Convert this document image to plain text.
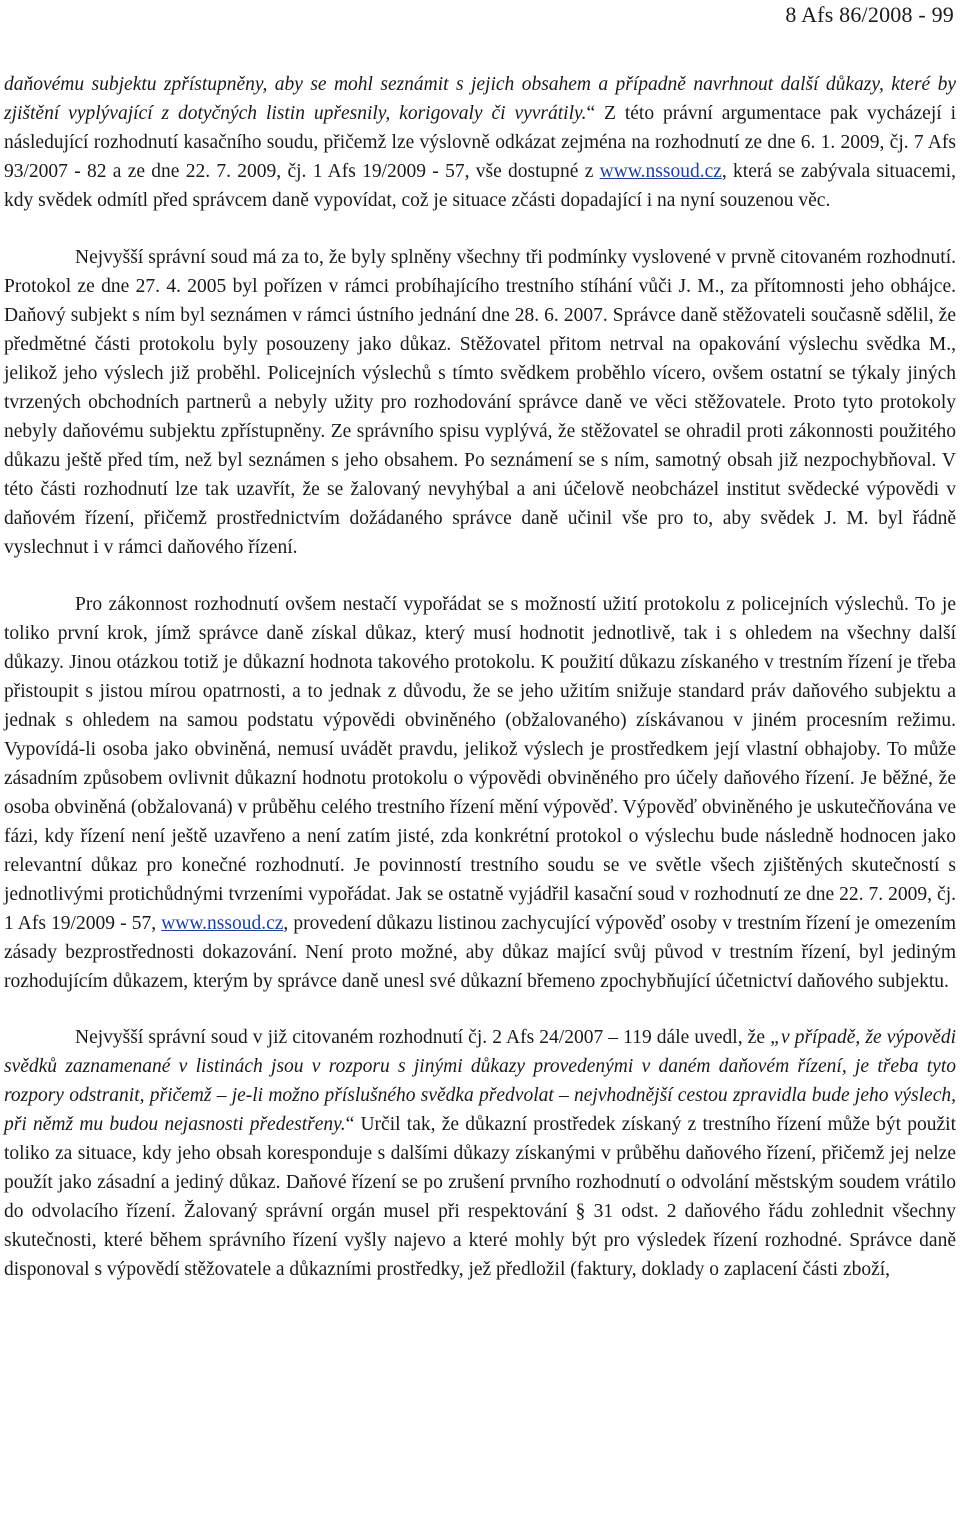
8 Afs 86/2008 - 99

daňovému subjektu zpřístupněny, aby se mohl seznámit s jejich obsahem a případně navrhnout další důkazy, které by zjištění vyplývající z dotyčných listin upřesnily, korigovaly či vyvrátily.“ Z této právní argumentace pak vycházejí i následující rozhodnutí kasačního soudu, přičemž lze výslovně odkázat zejména na rozhodnutí ze dne 6. 1. 2009, čj. 7 Afs 93/2007 - 82 a ze dne 22. 7. 2009, čj. 1 Afs 19/2009 - 57, vše dostupné z www.nssoud.cz, která se zabývala situacemi, kdy svědek odmítl před správcem daně vypovídat, což je situace zčásti dopadající i na nyní souzenou věc.

Nejvyšší správní soud má za to, že byly splněny všechny tři podmínky vyslovené v prvně citovaném rozhodnutí. Protokol ze dne 27. 4. 2005 byl pořízen v rámci probíhajícího trestního stíhání vůči J. M., za přítomnosti jeho obhájce. Daňový subjekt s ním byl seznámen v rámci ústního jednání dne 28. 6. 2007. Správce daně stěžovateli současně sdělil, že předmětné části protokolu byly posouzeny jako důkaz. Stěžovatel přitom netrval na opakování výslechu svědka M., jelikož jeho výslech již proběhl. Policejních výslechů s tímto svědkem proběhlo vícero, ovšem ostatní se týkaly jiných tvrzených obchodních partnerů a nebyly užity pro rozhodování správce daně ve věci stěžovatele. Proto tyto protokoly nebyly daňovému subjektu zpřístupněny. Ze správního spisu vyplývá, že stěžovatel se ohradil proti zákonnosti použitého důkazu ještě před tím, než byl seznámen s jeho obsahem. Po seznámení se s ním, samotný obsah již nezpochybňoval. V této části rozhodnutí lze tak uzavřít, že se žalovaný nevyhýbal a ani účelově neobcházel institut svědecké výpovědi v daňovém řízení, přičemž prostřednictvím dožádaného správce daně učinil vše pro to, aby svědek J. M. byl řádně vyslechnut i v rámci daňového řízení.

Pro zákonnost rozhodnutí ovšem nestačí vypořádat se s možností užití protokolu z policejních výslechů. To je toliko první krok, jímž správce daně získal důkaz, který musí hodnotit jednotlivě, tak i s ohledem na všechny další důkazy. Jinou otázkou totiž je důkazní hodnota takového protokolu. K použití důkazu získaného v trestním řízení je třeba přistoupit s jistou mírou opatrnosti, a to jednak z důvodu, že se jeho užitím snižuje standard práv daňového subjektu a jednak s ohledem na samou podstatu výpovědi obviněného (obžalovaného) získávanou v jiném procesním režimu. Vypovídá-li osoba jako obviněná, nemusí uvádět pravdu, jelikož výslech je prostředkem její vlastní obhajoby. To může zásadním způsobem ovlivnit důkazní hodnotu protokolu o výpovědi obviněného pro účely daňového řízení. Je běžné, že osoba obviněná (obžalovaná) v průběhu celého trestního řízení mění výpověď. Výpověď obviněného je uskutečňována ve fázi, kdy řízení není ještě uzavřeno a není zatím jisté, zda konkrétní protokol o výslechu bude následně hodnocen jako relevantní důkaz pro konečné rozhodnutí. Je povinností trestního soudu se ve světle všech zjištěných skutečností s jednotlivými protichůdnými tvrzeními vypořádat. Jak se ostatně vyjádřil kasační soud v rozhodnutí ze dne 22. 7. 2009, čj. 1 Afs 19/2009 - 57, www.nssoud.cz, provedení důkazu listinou zachycující výpověď osoby v trestním řízení je omezením zásady bezprostřednosti dokazování. Není proto možné, aby důkaz mající svůj původ v trestním řízení, byl jediným rozhodujícím důkazem, kterým by správce daně unesl své důkazní břemeno zpochybňující účetnictví daňového subjektu.

Nejvyšší správní soud v již citovaném rozhodnutí čj. 2 Afs 24/2007 – 119 dále uvedl, že „v případě, že výpovědi svědků zaznamenané v listinách jsou v rozporu s jinými důkazy provedenými v daném daňovém řízení, je třeba tyto rozpory odstranit, přičemž – je-li možno příslušného svědka předvolat – nejvhodnější cestou zpravidla bude jeho výslech, při němž mu budou nejasnosti předestřeny.“ Určil tak, že důkazní prostředek získaný z trestního řízení může být použit toliko za situace, kdy jeho obsah koresponduje s dalšími důkazy získanými v průběhu daňového řízení, přičemž jej nelze použít jako zásadní a jediný důkaz. Daňové řízení se po zrušení prvního rozhodnutí o odvolání městským soudem vrátilo do odvolacího řízení. Žalovaný správní orgán musel při respektování § 31 odst. 2 daňového řádu zohlednit všechny skutečnosti, které během správního řízení vyšly najevo a které mohly být pro výsledek řízení rozhodné. Správce daně disponoval s výpovědí stěžovatele a důkazními prostředky, jež předložil (faktury, doklady o zaplacení části zboží,
